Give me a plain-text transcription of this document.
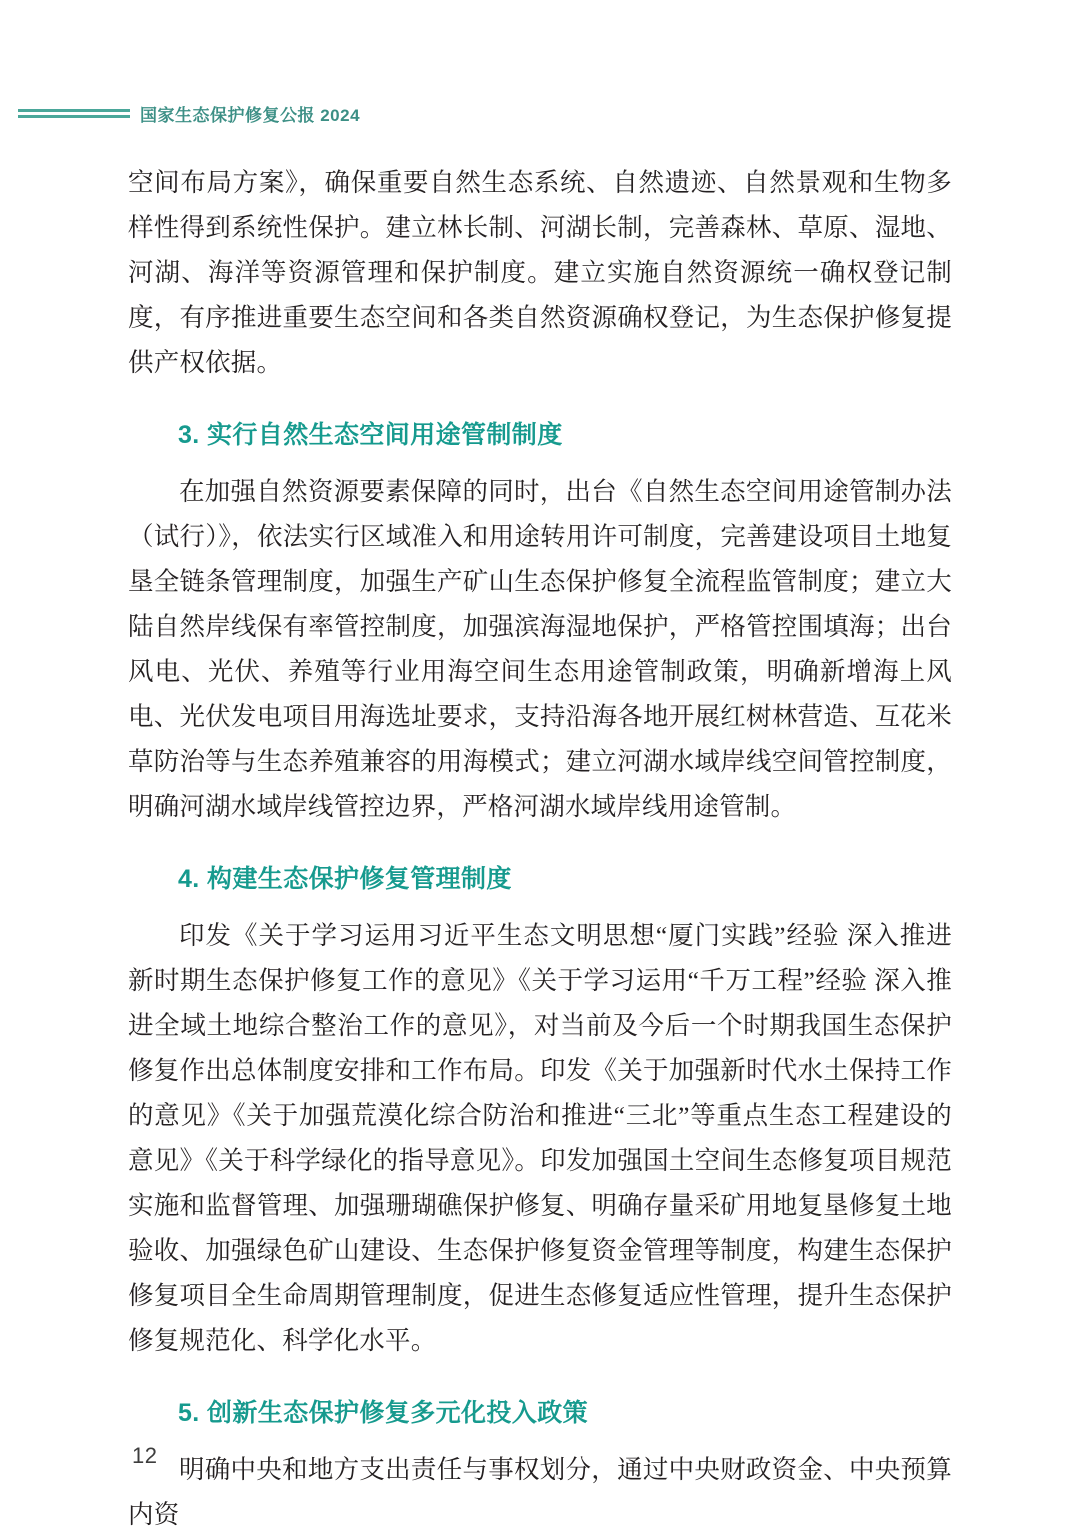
国家生态保护修复公报 2024

空间布局方案》，确保重要自然生态系统、自然遗迹、自然景观和生物多样性得到系统性保护。建立林长制、河湖长制，完善森林、草原、湿地、河湖、海洋等资源管理和保护制度。建立实施自然资源统一确权登记制度，有序推进重要生态空间和各类自然资源确权登记，为生态保护修复提供产权依据。

3. 实行自然生态空间用途管制制度

在加强自然资源要素保障的同时，出台《自然生态空间用途管制办法（试行）》，依法实行区域准入和用途转用许可制度，完善建设项目土地复垦全链条管理制度，加强生产矿山生态保护修复全流程监管制度；建立大陆自然岸线保有率管控制度，加强滨海湿地保护，严格管控围填海；出台风电、光伏、养殖等行业用海空间生态用途管制政策，明确新增海上风电、光伏发电项目用海选址要求，支持沿海各地开展红树林营造、互花米草防治等与生态养殖兼容的用海模式；建立河湖水域岸线空间管控制度，明确河湖水域岸线管控边界，严格河湖水域岸线用途管制。

4. 构建生态保护修复管理制度

印发《关于学习运用习近平生态文明思想“厦门实践”经验 深入推进新时期生态保护修复工作的意见》《关于学习运用“千万工程”经验 深入推进全域土地综合整治工作的意见》，对当前及今后一个时期我国生态保护修复作出总体制度安排和工作布局。印发《关于加强新时代水土保持工作的意见》《关于加强荒漠化综合防治和推进“三北”等重点生态工程建设的意见》《关于科学绿化的指导意见》。印发加强国土空间生态修复项目规范实施和监督管理、加强珊瑚礁保护修复、明确存量采矿用地复垦修复土地验收、加强绿色矿山建设、生态保护修复资金管理等制度，构建生态保护修复项目全生命周期管理制度，促进生态修复适应性管理，提升生态保护修复规范化、科学化水平。

5. 创新生态保护修复多元化投入政策

明确中央和地方支出责任与事权划分，通过中央财政资金、中央预算内资

12
